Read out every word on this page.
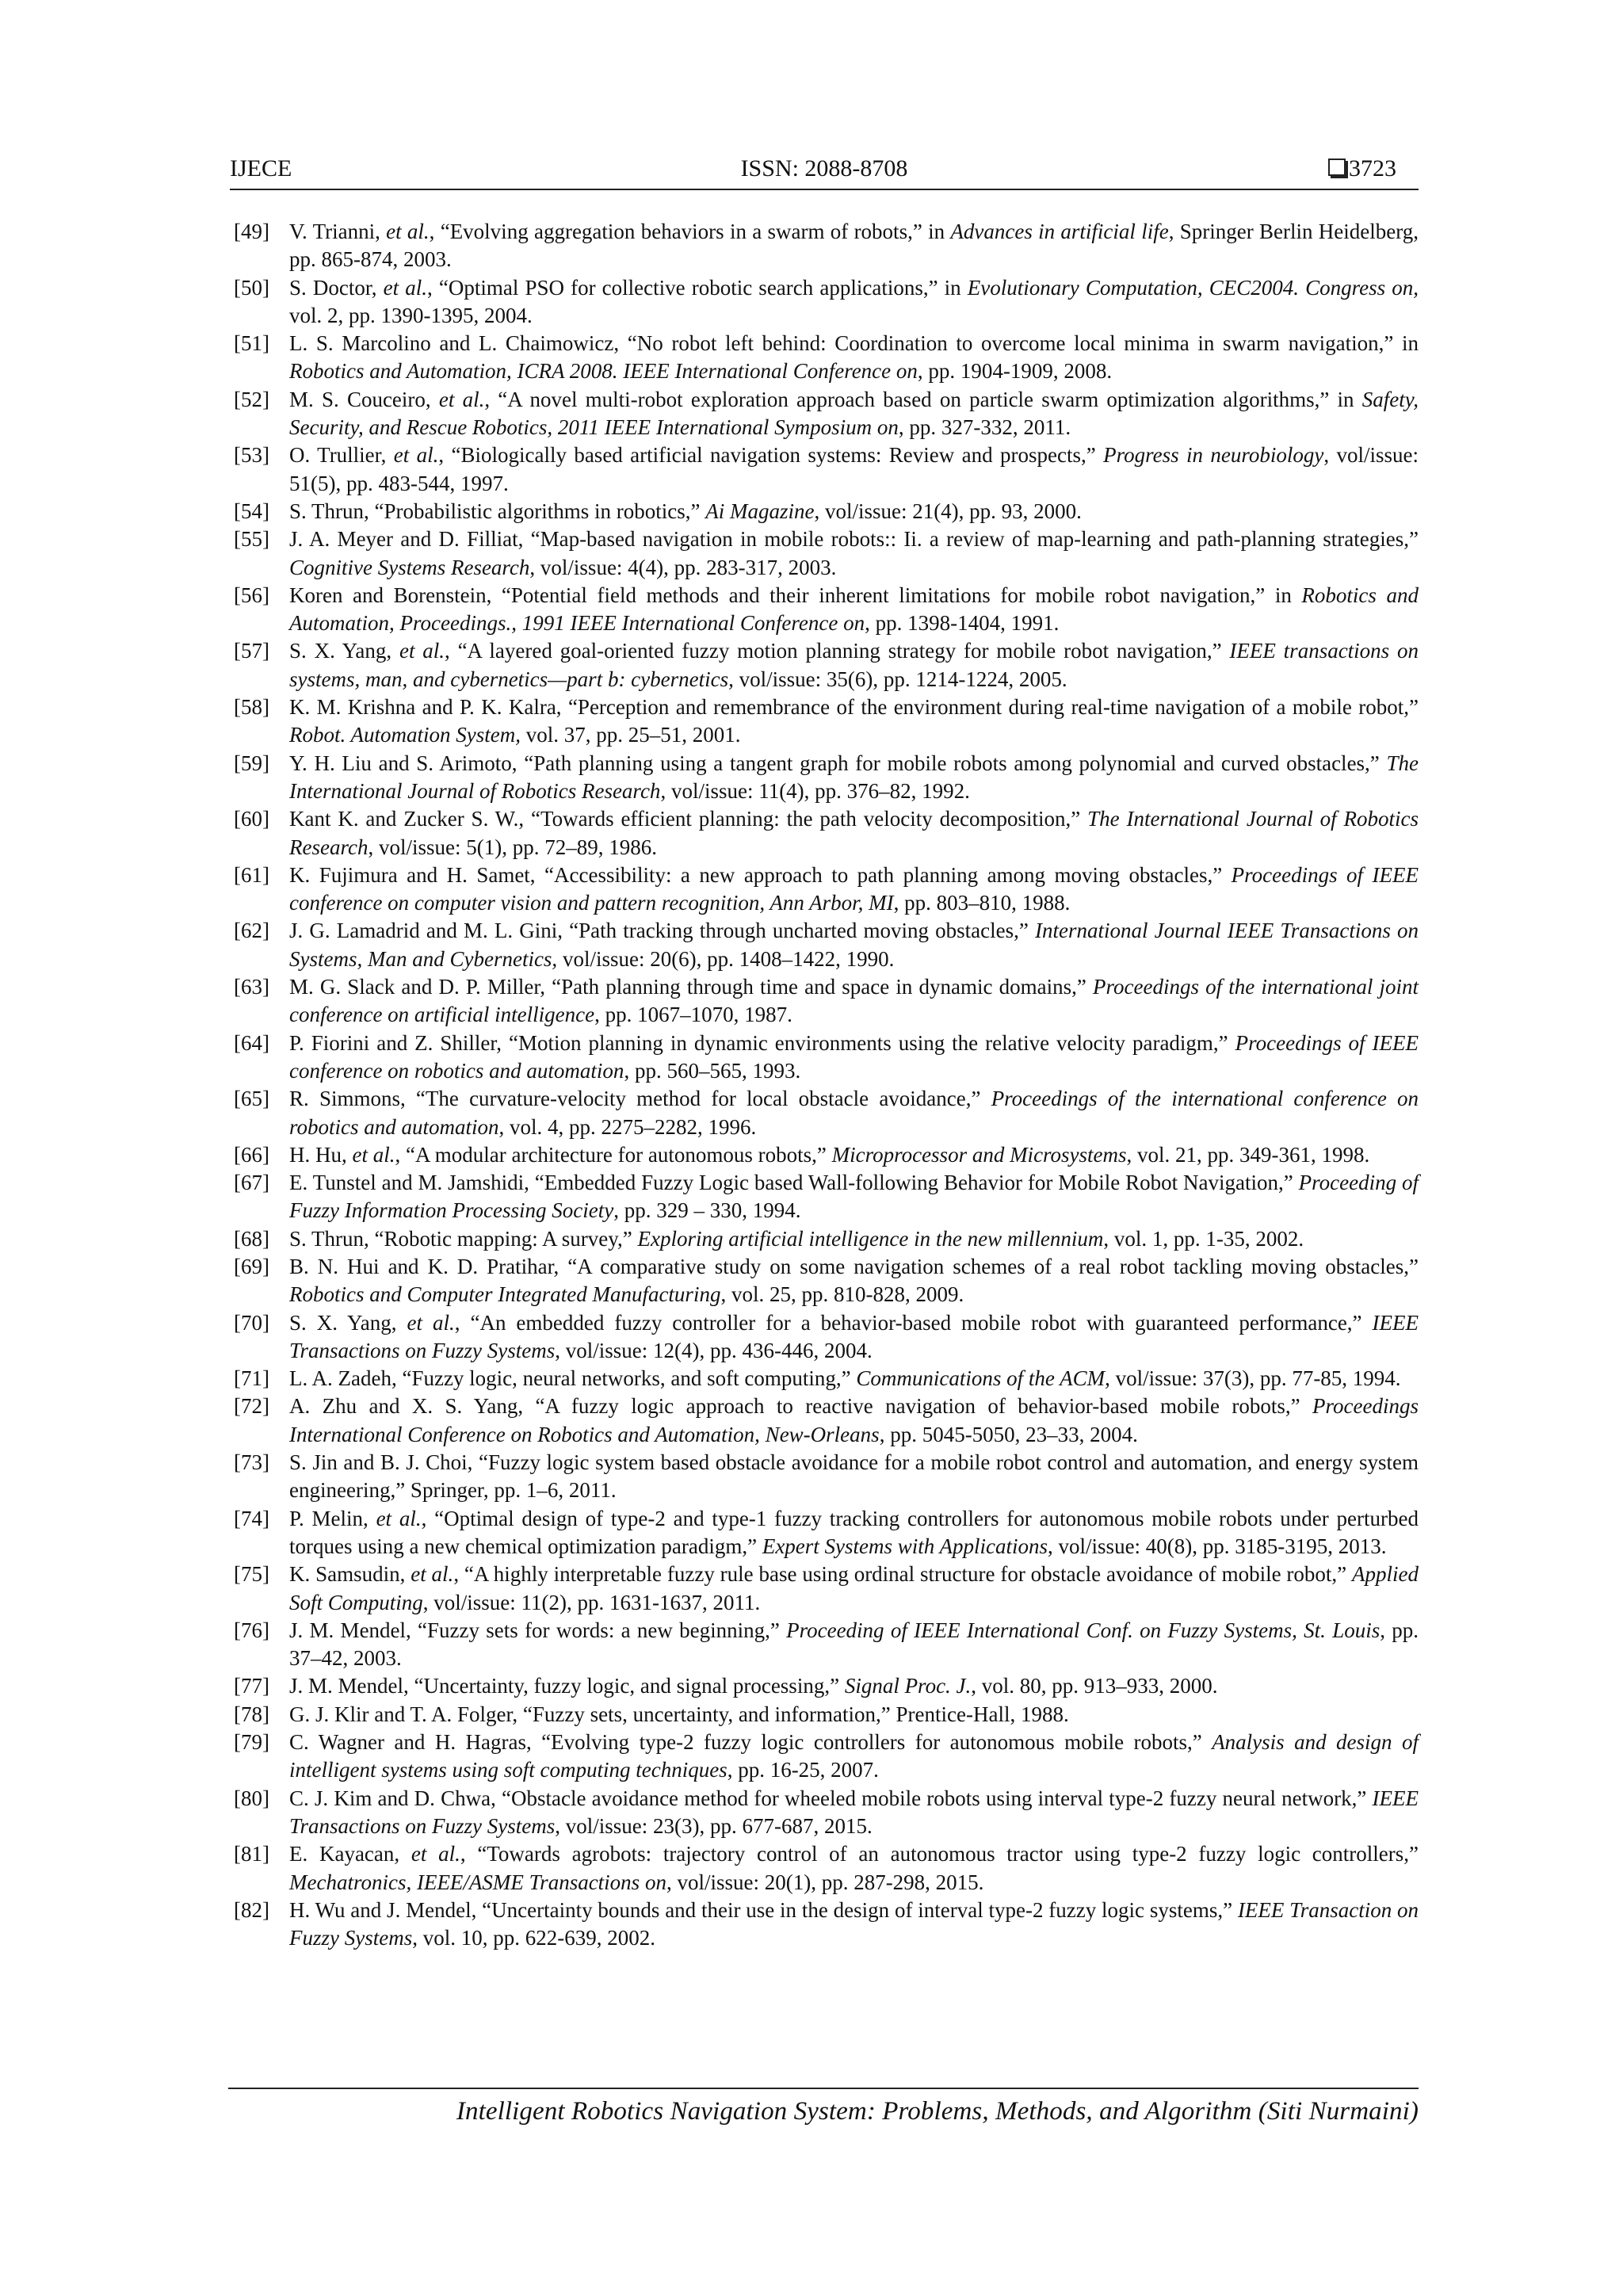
IJECE	ISSN: 2088-8708	3723
[49] V. Trianni, et al., “Evolving aggregation behaviors in a swarm of robots,” in Advances in artificial life, Springer Berlin Heidelberg, pp. 865-874, 2003.
[50] S. Doctor, et al., “Optimal PSO for collective robotic search applications,” in Evolutionary Computation, CEC2004. Congress on, vol. 2, pp. 1390-1395, 2004.
[51] L. S. Marcolino and L. Chaimowicz, “No robot left behind: Coordination to overcome local minima in swarm navigation,” in Robotics and Automation, ICRA 2008. IEEE International Conference on, pp. 1904-1909, 2008.
[52] M. S. Couceiro, et al., “A novel multi-robot exploration approach based on particle swarm optimization algorithms,” in Safety, Security, and Rescue Robotics, 2011 IEEE International Symposium on, pp. 327-332, 2011.
[53] O. Trullier, et al., “Biologically based artificial navigation systems: Review and prospects,” Progress in neurobiology, vol/issue: 51(5), pp. 483-544, 1997.
[54] S. Thrun, “Probabilistic algorithms in robotics,” Ai Magazine, vol/issue: 21(4), pp. 93, 2000.
[55] J. A. Meyer and D. Filliat, “Map-based navigation in mobile robots:: Ii. a review of map-learning and path-planning strategies,” Cognitive Systems Research, vol/issue: 4(4), pp. 283-317, 2003.
[56] Koren and Borenstein, “Potential field methods and their inherent limitations for mobile robot navigation,” in Robotics and Automation, Proceedings., 1991 IEEE International Conference on, pp. 1398-1404, 1991.
[57] S. X. Yang, et al., “A layered goal-oriented fuzzy motion planning strategy for mobile robot navigation,” IEEE transactions on systems, man, and cybernetics—part b: cybernetics, vol/issue: 35(6), pp. 1214-1224, 2005.
[58] K. M. Krishna and P. K. Kalra, “Perception and remembrance of the environment during real-time navigation of a mobile robot,” Robot. Automation System, vol. 37, pp. 25–51, 2001.
[59] Y. H. Liu and S. Arimoto, “Path planning using a tangent graph for mobile robots among polynomial and curved obstacles,” The International Journal of Robotics Research, vol/issue: 11(4), pp. 376–82, 1992.
[60] Kant K. and Zucker S. W., “Towards efficient planning: the path velocity decomposition,” The International Journal of Robotics Research, vol/issue: 5(1), pp. 72–89, 1986.
[61] K. Fujimura and H. Samet, “Accessibility: a new approach to path planning among moving obstacles,” Proceedings of IEEE conference on computer vision and pattern recognition, Ann Arbor, MI, pp. 803–810, 1988.
[62] J. G. Lamadrid and M. L. Gini, “Path tracking through uncharted moving obstacles,” International Journal IEEE Transactions on Systems, Man and Cybernetics, vol/issue: 20(6), pp. 1408–1422, 1990.
[63] M. G. Slack and D. P. Miller, “Path planning through time and space in dynamic domains,” Proceedings of the international joint conference on artificial intelligence, pp. 1067–1070, 1987.
[64] P. Fiorini and Z. Shiller, “Motion planning in dynamic environments using the relative velocity paradigm,” Proceedings of IEEE conference on robotics and automation, pp. 560–565, 1993.
[65] R. Simmons, “The curvature-velocity method for local obstacle avoidance,” Proceedings of the international conference on robotics and automation, vol. 4, pp. 2275–2282, 1996.
[66] H. Hu, et al., “A modular architecture for autonomous robots,” Microprocessor and Microsystems, vol. 21, pp. 349-361, 1998.
[67] E. Tunstel and M. Jamshidi, “Embedded Fuzzy Logic based Wall-following Behavior for Mobile Robot Navigation,” Proceeding of Fuzzy Information Processing Society, pp. 329 – 330, 1994.
[68] S. Thrun, “Robotic mapping: A survey,” Exploring artificial intelligence in the new millennium, vol. 1, pp. 1-35, 2002.
[69] B. N. Hui and K. D. Pratihar, “A comparative study on some navigation schemes of a real robot tackling moving obstacles,” Robotics and Computer Integrated Manufacturing, vol. 25, pp. 810-828, 2009.
[70] S. X. Yang, et al., “An embedded fuzzy controller for a behavior-based mobile robot with guaranteed performance,” IEEE Transactions on Fuzzy Systems, vol/issue: 12(4), pp. 436-446, 2004.
[71] L. A. Zadeh, “Fuzzy logic, neural networks, and soft computing,” Communications of the ACM, vol/issue: 37(3), pp. 77-85, 1994.
[72] A. Zhu and X. S. Yang, “A fuzzy logic approach to reactive navigation of behavior-based mobile robots,” Proceedings International Conference on Robotics and Automation, New-Orleans, pp. 5045-5050, 23–33, 2004.
[73] S. Jin and B. J. Choi, “Fuzzy logic system based obstacle avoidance for a mobile robot control and automation, and energy system engineering,” Springer, pp. 1–6, 2011.
[74] P. Melin, et al., “Optimal design of type-2 and type-1 fuzzy tracking controllers for autonomous mobile robots under perturbed torques using a new chemical optimization paradigm,” Expert Systems with Applications, vol/issue: 40(8), pp. 3185-3195, 2013.
[75] K. Samsudin, et al., “A highly interpretable fuzzy rule base using ordinal structure for obstacle avoidance of mobile robot,” Applied Soft Computing, vol/issue: 11(2), pp. 1631-1637, 2011.
[76] J. M. Mendel, “Fuzzy sets for words: a new beginning,” Proceeding of IEEE International Conf. on Fuzzy Systems, St. Louis, pp. 37–42, 2003.
[77] J. M. Mendel, “Uncertainty, fuzzy logic, and signal processing,” Signal Proc. J., vol. 80, pp. 913–933, 2000.
[78] G. J. Klir and T. A. Folger, “Fuzzy sets, uncertainty, and information,” Prentice-Hall, 1988.
[79] C. Wagner and H. Hagras, “Evolving type-2 fuzzy logic controllers for autonomous mobile robots,” Analysis and design of intelligent systems using soft computing techniques, pp. 16-25, 2007.
[80] C. J. Kim and D. Chwa, “Obstacle avoidance method for wheeled mobile robots using interval type-2 fuzzy neural network,” IEEE Transactions on Fuzzy Systems, vol/issue: 23(3), pp. 677-687, 2015.
[81] E. Kayacan, et al., “Towards agrobots: trajectory control of an autonomous tractor using type-2 fuzzy logic controllers,” Mechatronics, IEEE/ASME Transactions on, vol/issue: 20(1), pp. 287-298, 2015.
[82] H. Wu and J. Mendel, “Uncertainty bounds and their use in the design of interval type-2 fuzzy logic systems,” IEEE Transaction on Fuzzy Systems, vol. 10, pp. 622-639, 2002.
Intelligent Robotics Navigation System: Problems, Methods, and Algorithm (Siti Nurmaini)
